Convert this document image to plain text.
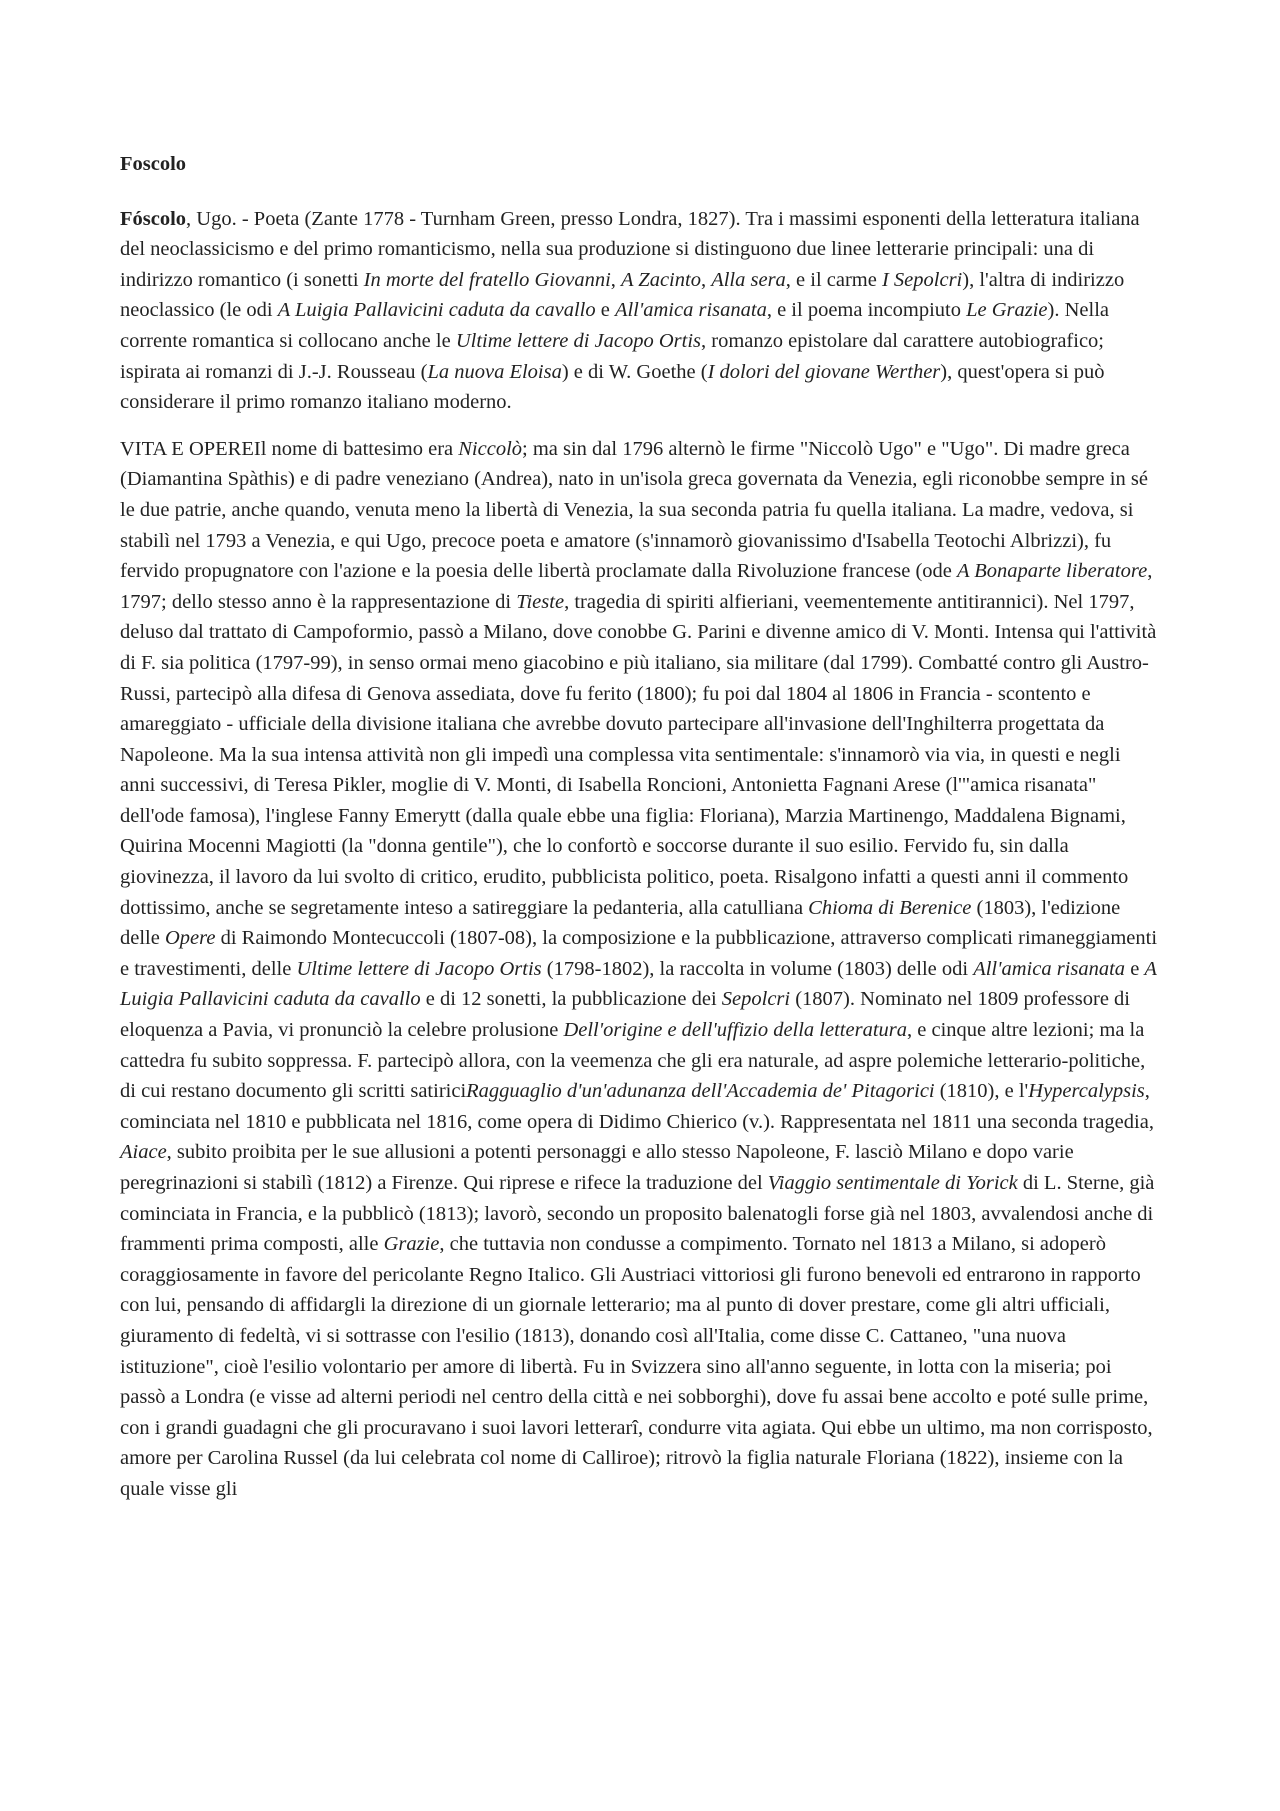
Foscolo

Fóscolo, Ugo. - Poeta (Zante 1778 - Turnham Green, presso Londra, 1827). Tra i massimi esponenti della letteratura italiana del neoclassicismo e del primo romanticismo, nella sua produzione si distinguono due linee letterarie principali: una di indirizzo romantico (i sonetti In morte del fratello Giovanni, A Zacinto, Alla sera, e il carme I Sepolcri), l'altra di indirizzo neoclassico (le odi A Luigia Pallavicini caduta da cavallo e All'amica risanata, e il poema incompiuto Le Grazie). Nella corrente romantica si collocano anche le Ultime lettere di Jacopo Ortis, romanzo epistolare dal carattere autobiografico; ispirata ai romanzi di J.-J. Rousseau (La nuova Eloisa) e di W. Goethe (I dolori del giovane Werther), quest'opera si può considerare il primo romanzo italiano moderno.

VITA E OPEREIl nome di battesimo era Niccolò; ma sin dal 1796 alternò le firme "Niccolò Ugo" e "Ugo". Di madre greca (Diamantina Spàthis) e di padre veneziano (Andrea), nato in un'isola greca governata da Venezia, egli riconobbe sempre in sé le due patrie, anche quando, venuta meno la libertà di Venezia, la sua seconda patria fu quella italiana. La madre, vedova, si stabilì nel 1793 a Venezia, e qui Ugo, precoce poeta e amatore (s'innamorò giovanissimo d'Isabella Teotochi Albrizzi), fu fervido propugnatore con l'azione e la poesia delle libertà proclamate dalla Rivoluzione francese (ode A Bonaparte liberatore, 1797; dello stesso anno è la rappresentazione di Tieste, tragedia di spiriti alfieriani, veementemente antitirannici). Nel 1797, deluso dal trattato di Campoformio, passò a Milano, dove conobbe G. Parini e divenne amico di V. Monti. Intensa qui l'attività di F. sia politica (1797-99), in senso ormai meno giacobino e più italiano, sia militare (dal 1799). Combatté contro gli Austro-Russi, partecipò alla difesa di Genova assediata, dove fu ferito (1800); fu poi dal 1804 al 1806 in Francia - scontento e amareggiato - ufficiale della divisione italiana che avrebbe dovuto partecipare all'invasione dell'Inghilterra progettata da Napoleone. Ma la sua intensa attività non gli impedì una complessa vita sentimentale: s'innamorò via via, in questi e negli anni successivi, di Teresa Pikler, moglie di V. Monti, di Isabella Roncioni, Antonietta Fagnani Arese (l'"amica risanata" dell'ode famosa), l'inglese Fanny Emerytt (dalla quale ebbe una figlia: Floriana), Marzia Martinengo, Maddalena Bignami, Quirina Mocenni Magiotti (la "donna gentile"), che lo confortò e soccorse durante il suo esilio. Fervido fu, sin dalla giovinezza, il lavoro da lui svolto di critico, erudito, pubblicista politico, poeta. Risalgono infatti a questi anni il commento dottissimo, anche se segretamente inteso a satireggiare la pedanteria, alla catulliana Chioma di Berenice (1803), l'edizione delle Opere di Raimondo Montecuccoli (1807-08), la composizione e la pubblicazione, attraverso complicati rimaneggiamenti e travestimenti, delle Ultime lettere di Jacopo Ortis (1798-1802), la raccolta in volume (1803) delle odi All'amica risanata e A Luigia Pallavicini caduta da cavallo e di 12 sonetti, la pubblicazione dei Sepolcri (1807). Nominato nel 1809 professore di eloquenza a Pavia, vi pronunciò la celebre prolusione Dell'origine e dell'uffizio della letteratura, e cinque altre lezioni; ma la cattedra fu subito soppressa. F. partecipò allora, con la veemenza che gli era naturale, ad aspre polemiche letterario-politiche, di cui restano documento gli scritti satiriciRagguaglio d'un'adunanza dell'Accademia de' Pitagorici (1810), e l'Hypercalypsis, cominciata nel 1810 e pubblicata nel 1816, come opera di Didimo Chierico (v.). Rappresentata nel 1811 una seconda tragedia, Aiace, subito proibita per le sue allusioni a potenti personaggi e allo stesso Napoleone, F. lasciò Milano e dopo varie peregrinazioni si stabilì (1812) a Firenze. Qui riprese e rifece la traduzione del Viaggio sentimentale di Yorick di L. Sterne, già cominciata in Francia, e la pubblicò (1813); lavorò, secondo un proposito balenatogli forse già nel 1803, avvalendosi anche di frammenti prima composti, alle Grazie, che tuttavia non condusse a compimento. Tornato nel 1813 a Milano, si adoperò coraggiosamente in favore del pericolante Regno Italico. Gli Austriaci vittoriosi gli furono benevoli ed entrarono in rapporto con lui, pensando di affidargli la direzione di un giornale letterario; ma al punto di dover prestare, come gli altri ufficiali, giuramento di fedeltà, vi si sottrasse con l'esilio (1813), donando così all'Italia, come disse C. Cattaneo, "una nuova istituzione", cioè l'esilio volontario per amore di libertà. Fu in Svizzera sino all'anno seguente, in lotta con la miseria; poi passò a Londra (e visse ad alterni periodi nel centro della città e nei sobborghi), dove fu assai bene accolto e poté sulle prime, con i grandi guadagni che gli procuravano i suoi lavori letterarî, condurre vita agiata. Qui ebbe un ultimo, ma non corrisposto, amore per Carolina Russel (da lui celebrata col nome di Calliroe); ritrovò la figlia naturale Floriana (1822), insieme con la quale visse gli
